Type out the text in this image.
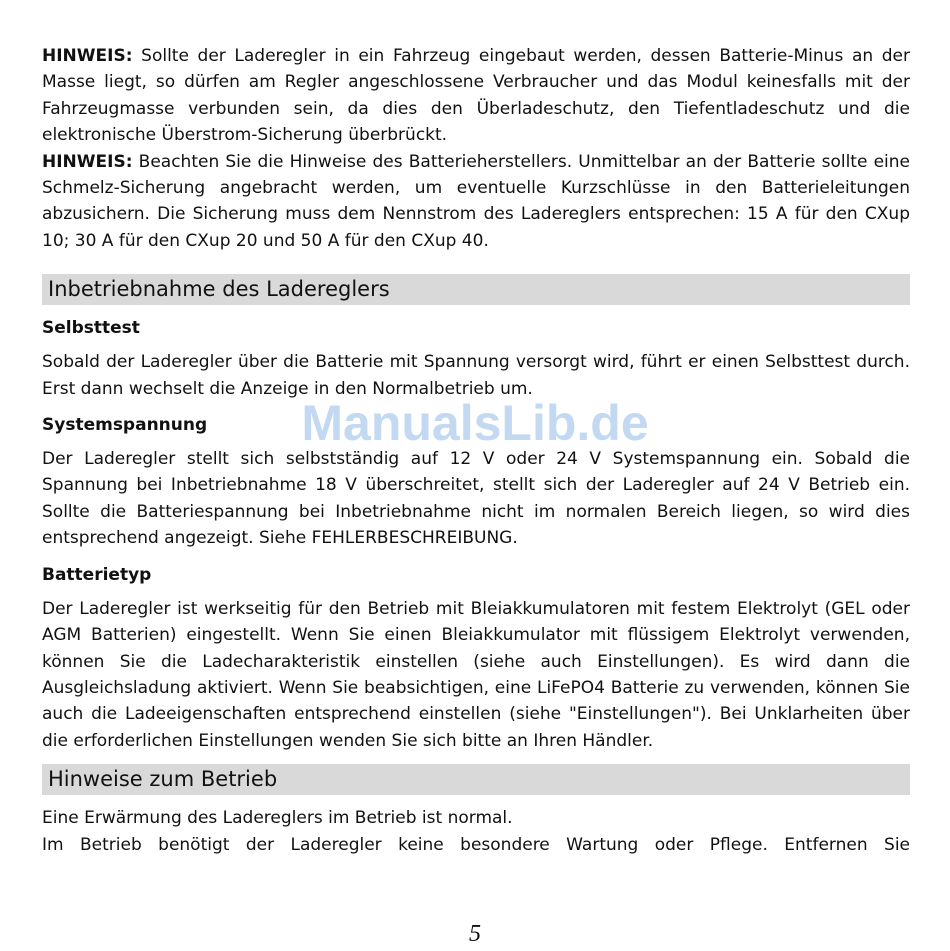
HINWEIS: Sollte der Laderegler in ein Fahrzeug eingebaut werden, dessen Batterie-Minus an der Masse liegt, so dürfen am Regler angeschlossene Verbraucher und das Modul keinesfalls mit der Fahrzeugmasse verbunden sein, da dies den Überladeschutz, den Tiefentladeschutz und die elektronische Überstrom-Sicherung überbrückt.

HINWEIS: Beachten Sie die Hinweise des Batterieherstellers. Unmittelbar an der Batterie sollte eine Schmelz-Sicherung angebracht werden, um eventuelle Kurzschlüsse in den Batterieleitungen abzusichern. Die Sicherung muss dem Nennstrom des Ladereglers entsprechen: 15 A für den CXup 10; 30 A für den CXup 20 und 50 A für den CXup 40.

Inbetriebnahme des Ladereglers

Selbsttest

Sobald der Laderegler über die Batterie mit Spannung versorgt wird, führt er einen Selbsttest durch. Erst dann wechselt die Anzeige in den Normalbetrieb um.

Systemspannung

Der Laderegler stellt sich selbstständig auf 12 V oder 24 V Systemspannung ein. Sobald die Spannung bei Inbetriebnahme 18 V überschreitet, stellt sich der Laderegler auf 24 V Betrieb ein. Sollte die Batteriespannung bei Inbetriebnahme nicht im normalen Bereich liegen, so wird dies entsprechend angezeigt. Siehe FEHLERBESCHREIBUNG.

Batterietyp

Der Laderegler ist werkseitig für den Betrieb mit Bleiakkumulatoren mit festem Elektrolyt (GEL oder AGM Batterien) eingestellt. Wenn Sie einen Bleiakkumulator mit flüssigem Elektrolyt verwenden, können Sie die Ladecharakteristik einstellen (siehe auch Einstellungen). Es wird dann die Ausgleichsladung aktiviert. Wenn Sie beabsichtigen, eine LiFePO4 Batterie zu verwenden, können Sie auch die Ladeeigenschaften entsprechend einstellen (siehe "Einstellungen"). Bei Unklarheiten über die erforderlichen Einstellungen wenden Sie sich bitte an Ihren Händler.

Hinweise zum Betrieb

Eine Erwärmung des Ladereglers im Betrieb ist normal.

Im Betrieb benötigt der Laderegler keine besondere Wartung oder Pflege. Entfernen Sie

ManualsLib.de
5
